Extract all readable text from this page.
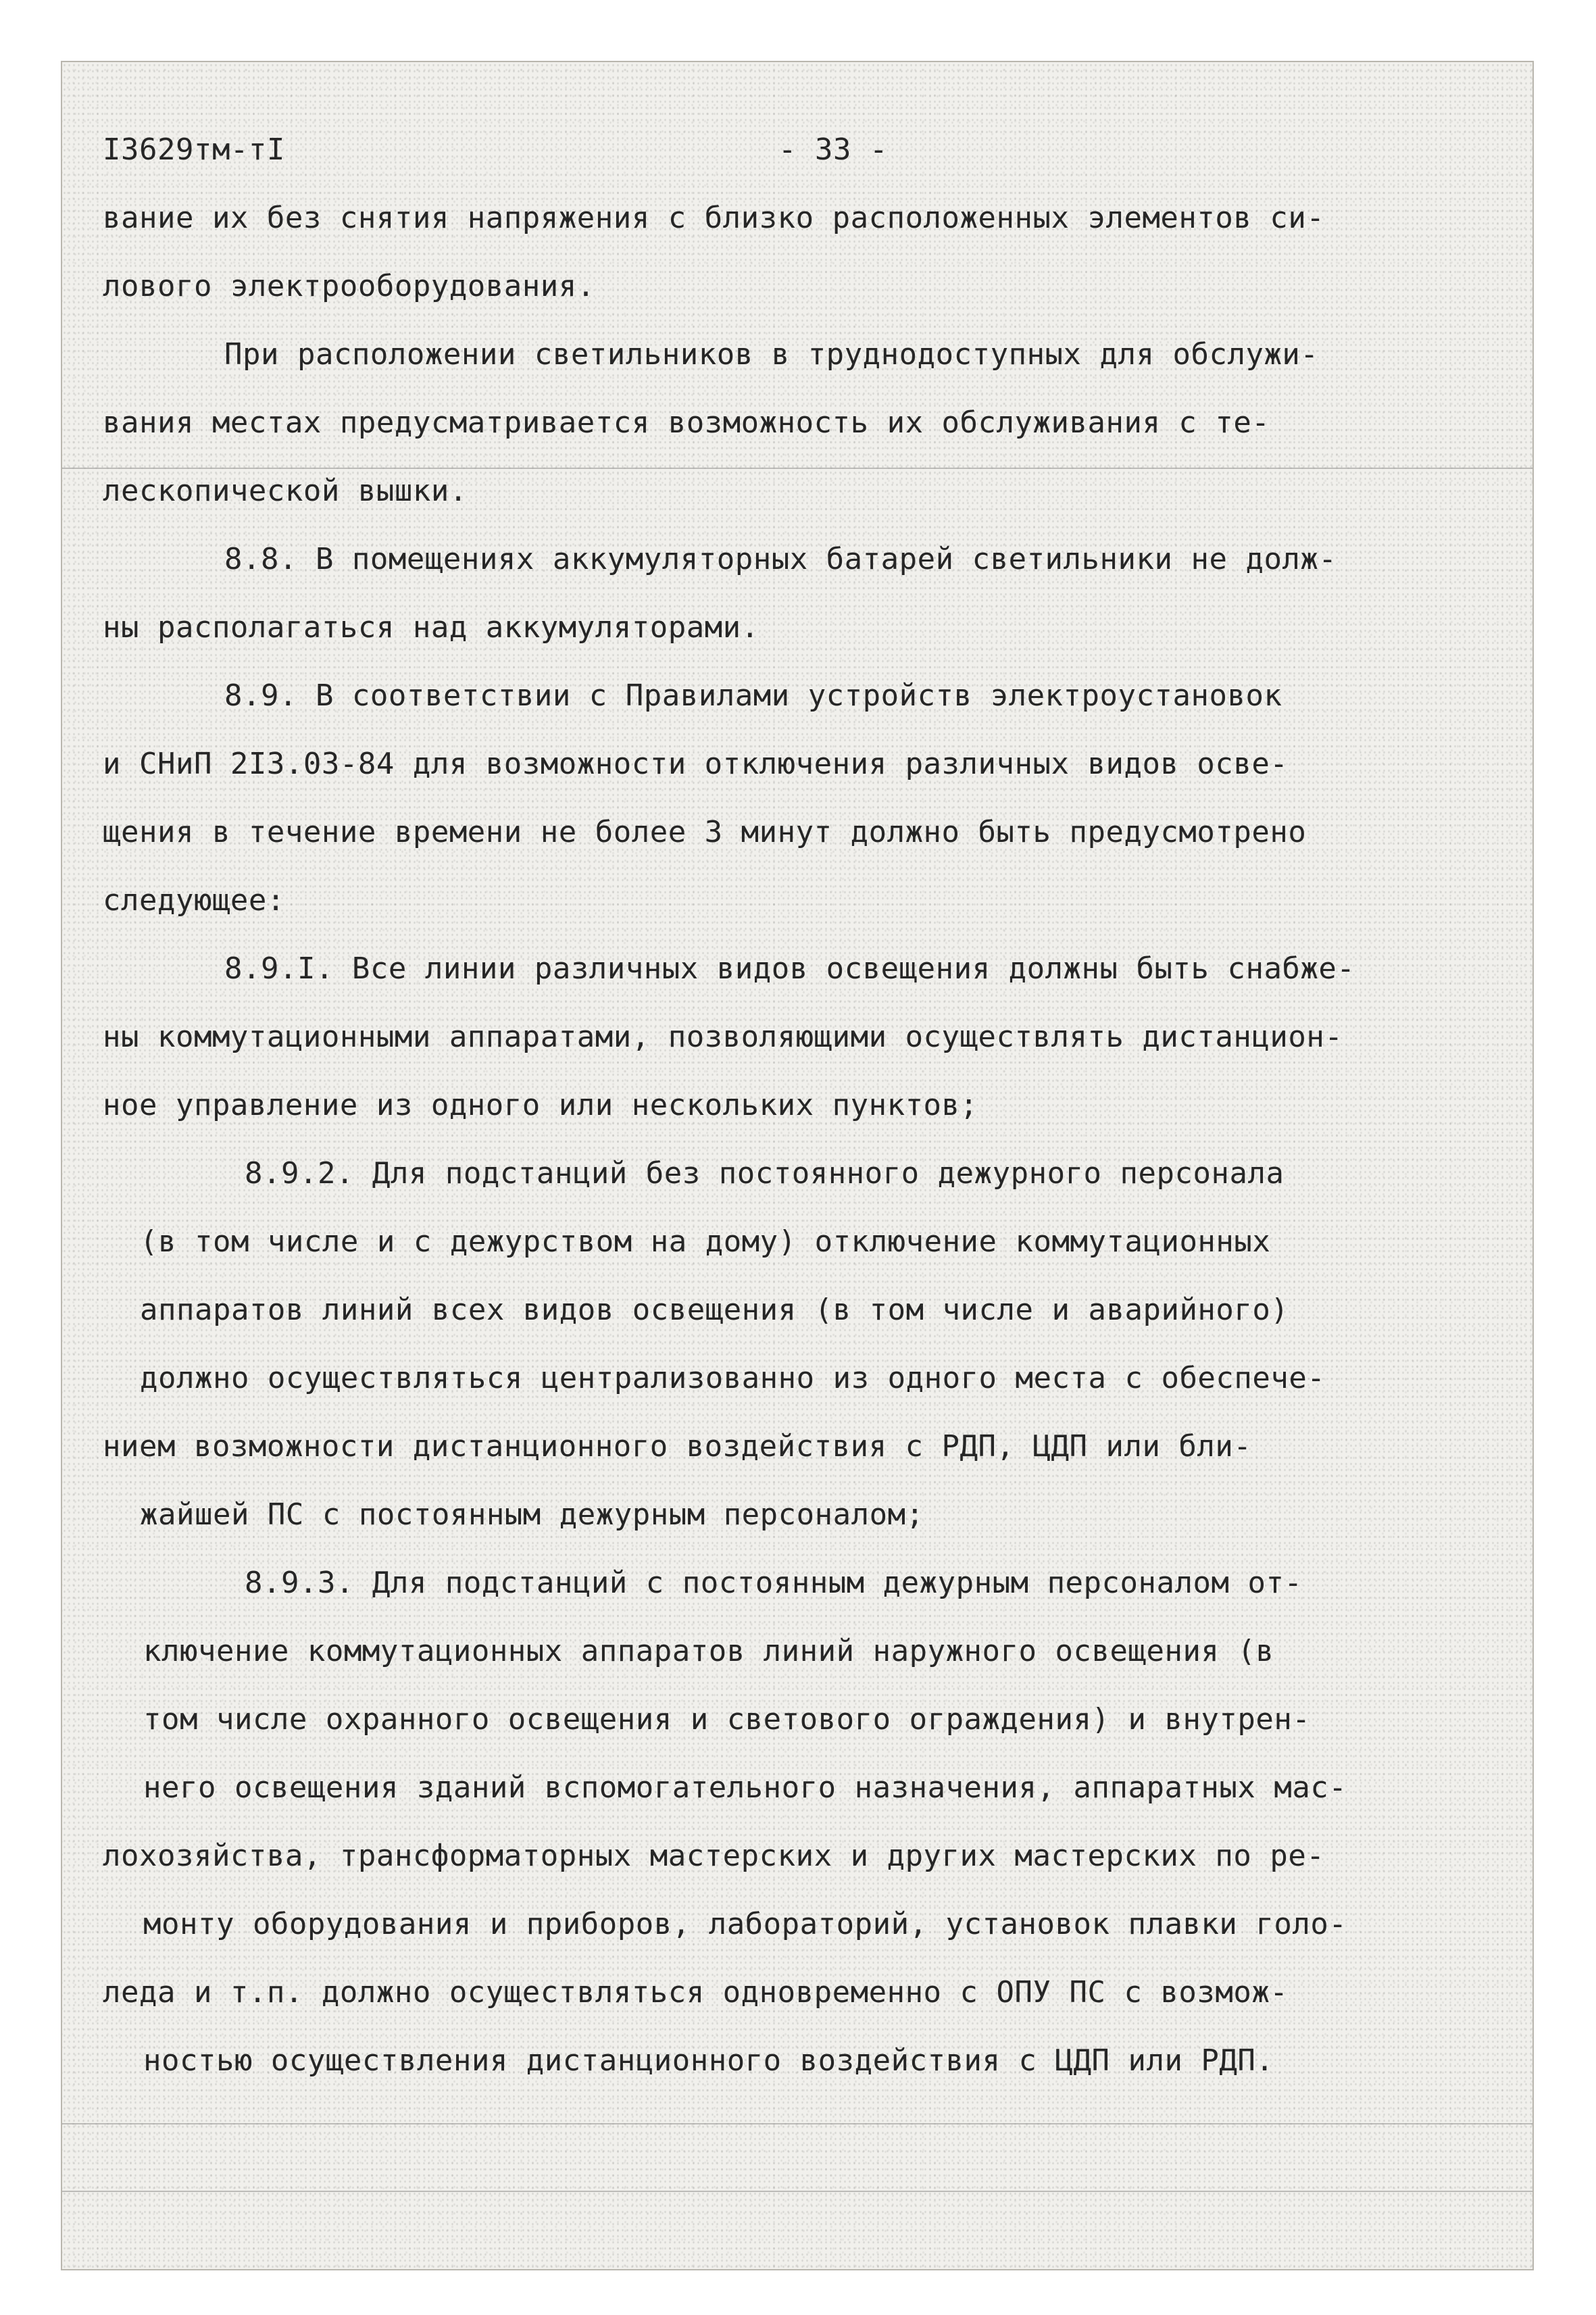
I3629тм-тI	- 33 -
вание их без снятия напряжения с близко расположенных элементов си-
лового электрооборудования.
При расположении светильников в труднодоступных для обслужи-
вания местах предусматривается возможность их обслуживания с те-
лескопической вышки.
8.8. В помещениях аккумуляторных батарей светильники не долж-
ны располагаться над аккумуляторами.
8.9. В соответствии с Правилами устройств электроустановок
и СНиП 2I3.03-84 для возможности отключения различных видов осве-
щения в течение времени не более 3 минут должно быть предусмотрено
следующее:
8.9.I. Все линии различных видов освещения должны быть снабже-
ны коммутационными аппаратами, позволяющими осуществлять дистанцион-
ное управление из одного или нескольких пунктов;
8.9.2. Для подстанций без постоянного дежурного персонала
(в том числе и с дежурством на дому) отключение коммутационных
аппаратов линий всех видов освещения (в том числе и аварийного)
должно осуществляться централизованно из одного места с обеспече-
нием возможности дистанционного воздействия с РДП, ЦДП или бли-
жайшей ПС с постоянным дежурным персоналом;
8.9.3. Для подстанций с постоянным дежурным персоналом от-
ключение коммутационных аппаратов линий наружного освещения (в
том числе охранного освещения и светового ограждения) и внутрен-
него освещения зданий вспомогательного назначения, аппаратных мас-
лохозяйства, трансформаторных мастерских и других мастерских по ре-
монту оборудования и приборов, лабораторий, установок плавки голо-
леда и т.п. должно осуществляться одновременно с ОПУ ПС с возмож-
ностью осуществления дистанционного воздействия с ЦДП или РДП.
